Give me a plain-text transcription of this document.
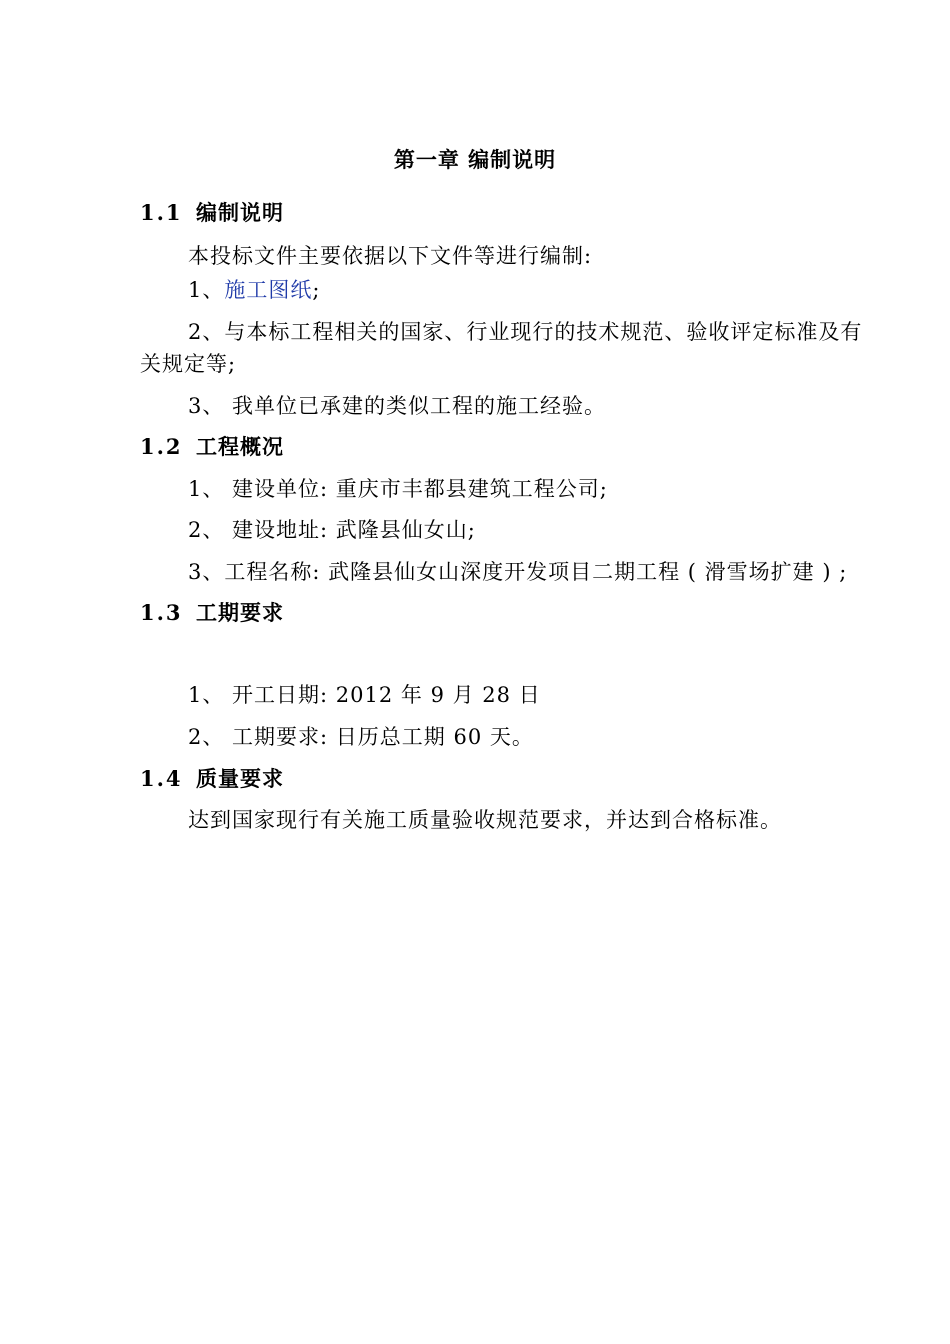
第一章 编制说明
1.1 编制说明
本投标文件主要依据以下文件等进行编制:
1、施工图纸;
2、与本标工程相关的国家、行业现行的技术规范、验收评定标准及有
关规定等;
3、 我单位已承建的类似工程的施工经验。
1.2 工程概况
1、 建设单位: 重庆市丰都县建筑工程公司;
2、 建设地址: 武隆县仙女山;
3、工程名称: 武隆县仙女山深度开发项目二期工程 ( 滑雪场扩建 ) ;
1.3 工期要求
1、 开工日期: 2012 年 9 月 28 日
2、 工期要求: 日历总工期 60 天。
1.4 质量要求
达到国家现行有关施工质量验收规范要求，并达到合格标准。
